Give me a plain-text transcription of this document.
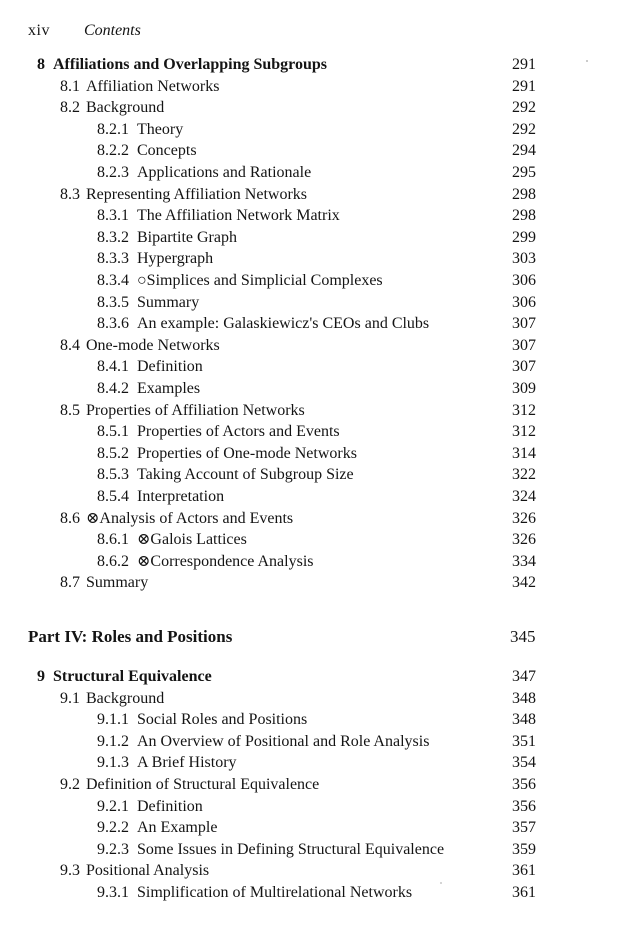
xiv Contents
8 Affiliations and Overlapping Subgroups	291
8.1 Affiliation Networks	291
8.2 Background	292
8.2.1 Theory	292
8.2.2 Concepts	294
8.2.3 Applications and Rationale	295
8.3 Representing Affiliation Networks	298
8.3.1 The Affiliation Network Matrix	298
8.3.2 Bipartite Graph	299
8.3.3 Hypergraph	303
8.3.4 ○Simplices and Simplicial Complexes	306
8.3.5 Summary	306
8.3.6 An example: Galaskiewicz's CEOs and Clubs	307
8.4 One-mode Networks	307
8.4.1 Definition	307
8.4.2 Examples	309
8.5 Properties of Affiliation Networks	312
8.5.1 Properties of Actors and Events	312
8.5.2 Properties of One-mode Networks	314
8.5.3 Taking Account of Subgroup Size	322
8.5.4 Interpretation	324
8.6 ⊗Analysis of Actors and Events	326
8.6.1 ⊗Galois Lattices	326
8.6.2 ⊗Correspondence Analysis	334
8.7 Summary	342
Part IV: Roles and Positions	345
9 Structural Equivalence	347
9.1 Background	348
9.1.1 Social Roles and Positions	348
9.1.2 An Overview of Positional and Role Analysis	351
9.1.3 A Brief History	354
9.2 Definition of Structural Equivalence	356
9.2.1 Definition	356
9.2.2 An Example	357
9.2.3 Some Issues in Defining Structural Equivalence	359
9.3 Positional Analysis	361
9.3.1 Simplification of Multirelational Networks	361
